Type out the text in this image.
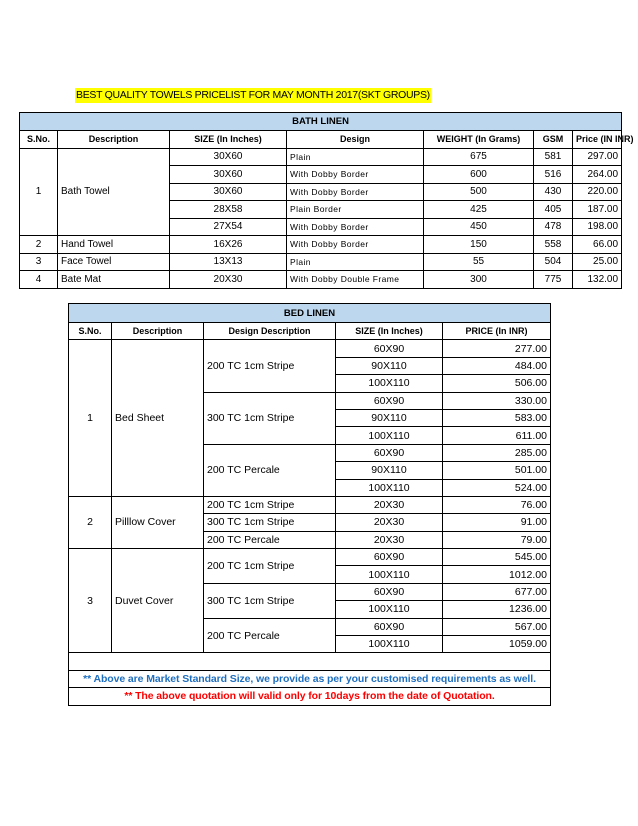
BEST QUALITY TOWELS PRICELIST FOR MAY MONTH 2017(SKT GROUPS)
BATH LINEN						
S.No.	Description	SIZE (In Inches)	Design	WEIGHT (In Grams)	GSM	Price (IN INR)
1	Bath Towel	30X60	Plain	675	581	297.00
		30X60	With Dobby Border	600	516	264.00
		30X60	With Dobby Border	500	430	220.00
		28X58	Plain Border	425	405	187.00
		27X54	With Dobby Border	450	478	198.00
2	Hand Towel	16X26	With Dobby Border	150	558	66.00
3	Face Towel	13X13	Plain	55	504	25.00
4	Bate Mat	20X30	With Dobby Double Frame	300	775	132.00
BED LINEN				
S.No.	Description	Design Description	SIZE (In Inches)	PRICE (In INR)
1	Bed Sheet	200 TC 1cm Stripe	60X90	277.00
			90X110	484.00
			100X110	506.00
		300 TC 1cm Stripe	60X90	330.00
			90X110	583.00
			100X110	611.00
		200 TC Percale	60X90	285.00
			90X110	501.00
			100X110	524.00
2	Pilllow Cover	200 TC 1cm Stripe	20X30	76.00
		300 TC 1cm Stripe	20X30	91.00
		200 TC Percale	20X30	79.00
3	Duvet Cover	200 TC 1cm Stripe	60X90	545.00
			100X110	1012.00
		300 TC 1cm Stripe	60X90	677.00
			100X110	1236.00
		200 TC Percale	60X90	567.00
			100X110	1059.00

** Above are Market Standard Size, we provide as per your customised requirements as well.				
** The above quotation will valid only for 10days from the date of Quotation.				
